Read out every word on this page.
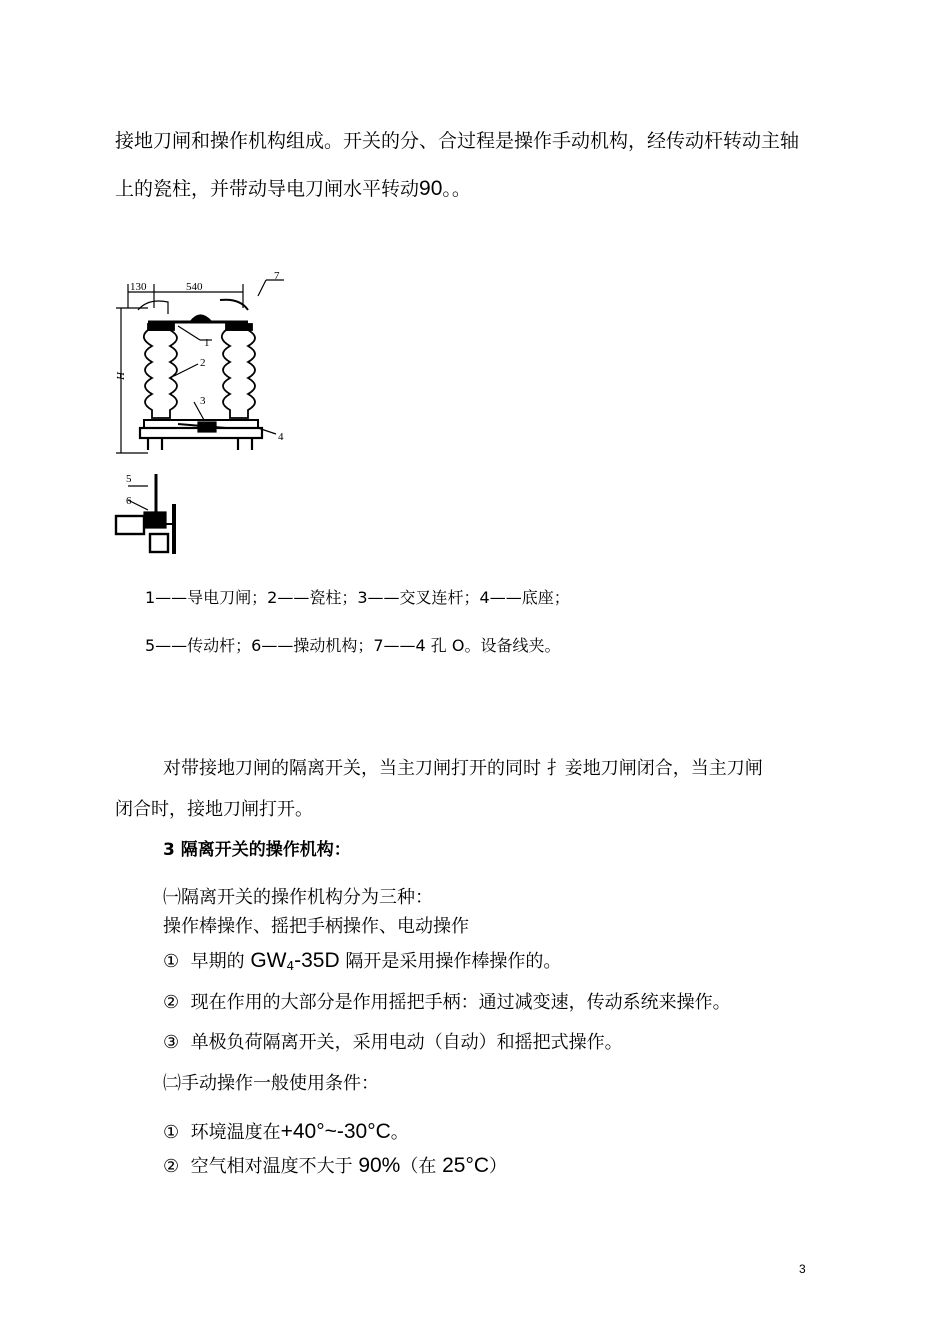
接地刀闸和操作机构组成。开关的分、合过程是操作手动机构，经传动杆转动主轴
上的瓷柱，并带动导电刀闸水平转动90。。
130	540
H
1
2
3
4
5
6
7
1——导电刀闸；2——瓷柱；3——交叉连杆；4——底座；
5——传动杆；6——操动机构；7——4 孔 O。设备线夹。
对带接地刀闸的隔离开关，当主刀闸打开的同时 扌妾地刀闸闭合，当主刀闸
闭合时，接地刀闸打开。
3 隔离开关的操作机构：
㈠隔离开关的操作机构分为三种：
操作棒操作、摇把手柄操作、电动操作
① 早期的 $GW_4-35D$ 隔开是采用操作棒操作的。
② 现在作用的大部分是作用摇把手柄：通过减变速，传动系统来操作。
③ 单极负荷隔离开关，采用电动（自动）和摇把式操作。
㈡手动操作一般使用条件：
① 环境温度在+40°~-30°C。
② 空气相对温度不大于 90%（在 25°C）
3
